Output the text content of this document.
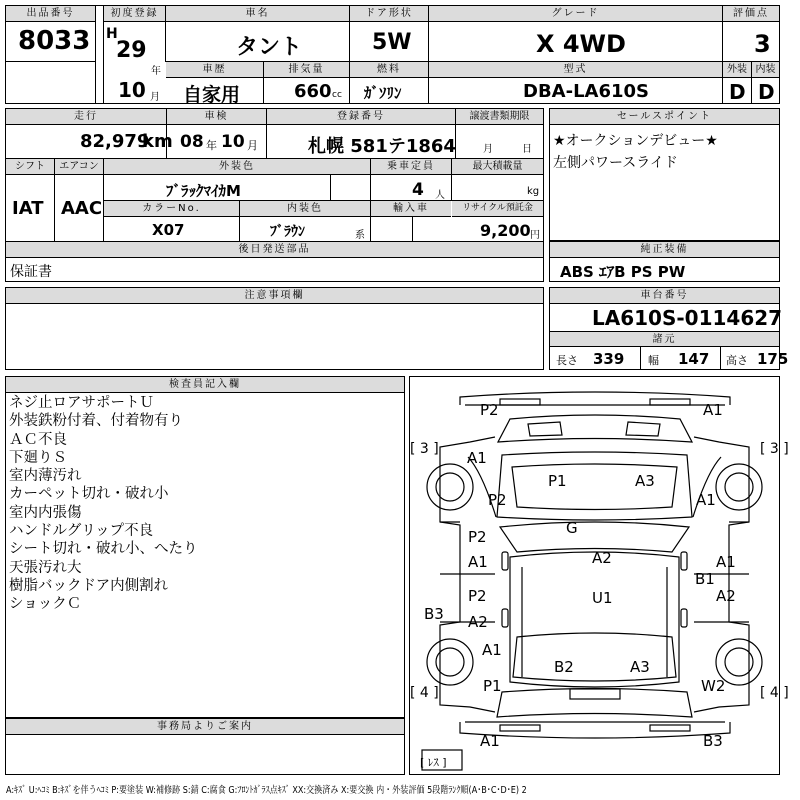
出品番号
8033
初度登録
H
29
年
10 月
車名
タント
ドア形状
5W
グレード
X 4WD
評価点
3
車歴
自家用
排気量
660 cc
燃料
ｶﾞｿﾘﾝ
型式
DBA-LA610S
外装 内装
D D
走行
82,979
km
車検
08 年 10 月
登録番号
札幌 581テ1864
譲渡書類期限
月	日
シフト	エアコン
IAT AAC
外装色
ﾌﾞﾗｯｸﾏｲｶM
乗車定員
4 人
最大積載量
kg
カラーNo.
X07
内装色
ﾌﾞﾗｳﾝ	系
輸入車	リサイクル預託金
9,200 円
後日発送部品
保証書
セールスポイント
★オークションデビュー★
左側パワースライド
純正装備
ABS ｴｱB PS PW
注意事項欄	車台番号
LA610S-0114627
諸元
長さ 339 幅 147 高さ 175
検査員記入欄
ネジ止ロアサポートＵ
外装鉄粉付着、付着物有り
ＡＣ不良
下廻りＳ
室内薄汚れ
カーペット切れ・破れ小
室内内張傷
ハンドルグリップ不良
シート切れ・破れ小、へたり
天張汚れ大
樹脂バックドア内側割れ
ショックＣ
事務局よりご案内
P2	A1
[ 3 ]	[ 3 ]
A1
P2	A1
P1	A3
G
P2
A1	A2	A1
B1
P2
A2
B3
U1	A2
A1
B2	A3
P1	W2
[ 4 ]	[ 4 ]
A1	B3
[ ﾚｽ ]
A:ｷｽﾞ U:ﾍｺﾐ B:ｷｽﾞを伴うﾍｺﾐ P:要塗装 W:補修跡 S:錆 C:腐食 G:ﾌﾛﾝﾄｶﾞﾗｽ点ｷｽﾞ XX:交換済み X:要交換 内・外装評価 5段階ﾗﾝｸ順(A･B･C･D･E) 2
